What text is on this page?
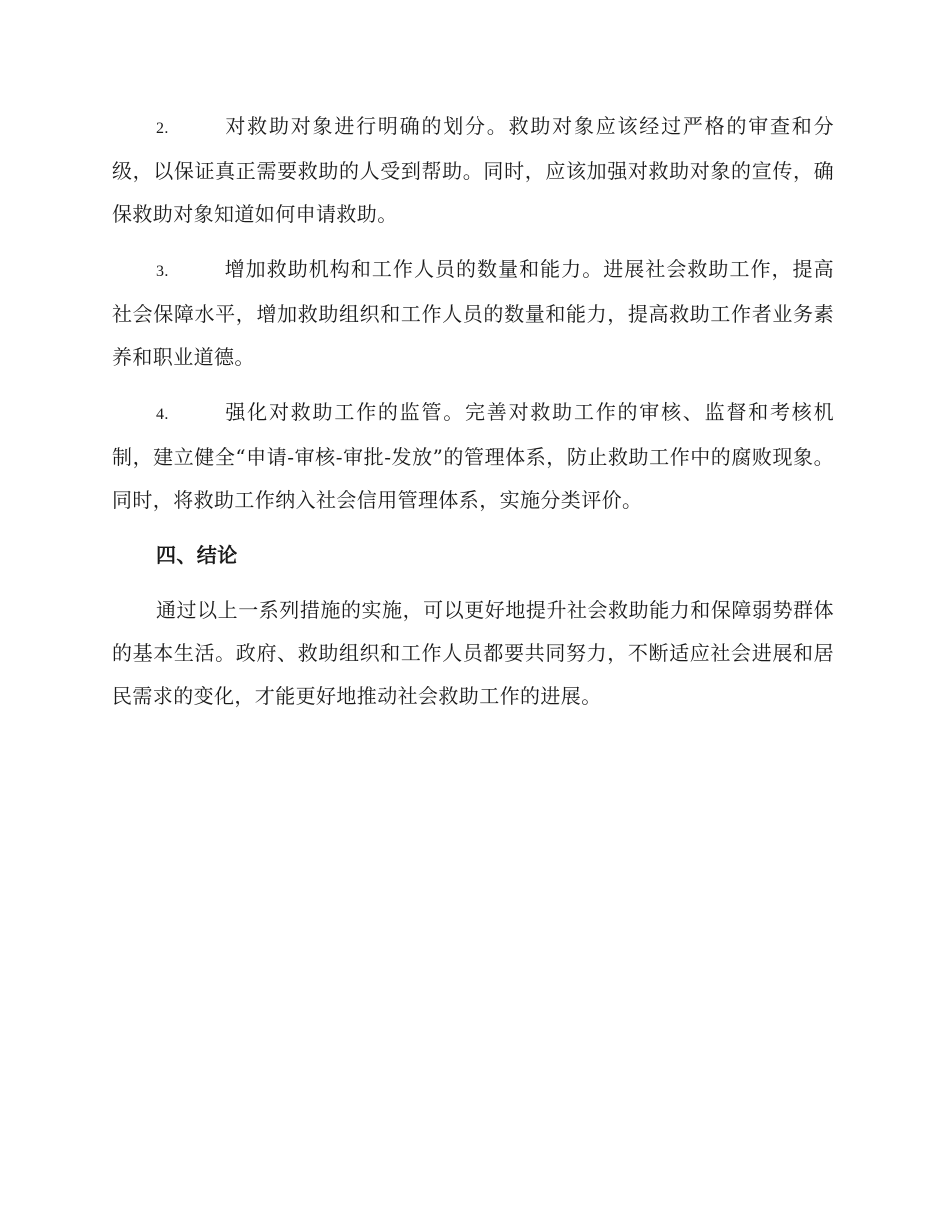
2.	对救助对象进行明确的划分。救助对象应该经过严格的审查和分级，以保证真正需要救助的人受到帮助。同时，应该加强对救助对象的宣传，确保救助对象知道如何申请救助。

3.	增加救助机构和工作人员的数量和能力。进展社会救助工作，提高社会保障水平，增加救助组织和工作人员的数量和能力，提高救助工作者业务素养和职业道德。

4.	强化对救助工作的监管。完善对救助工作的审核、监督和考核机制，建立健全“申请-审核-审批-发放”的管理体系，防止救助工作中的腐败现象。同时，将救助工作纳入社会信用管理体系，实施分类评价。

四、结论

通过以上一系列措施的实施，可以更好地提升社会救助能力和保障弱势群体的基本生活。政府、救助组织和工作人员都要共同努力，不断适应社会进展和居民需求的变化，才能更好地推动社会救助工作的进展。
